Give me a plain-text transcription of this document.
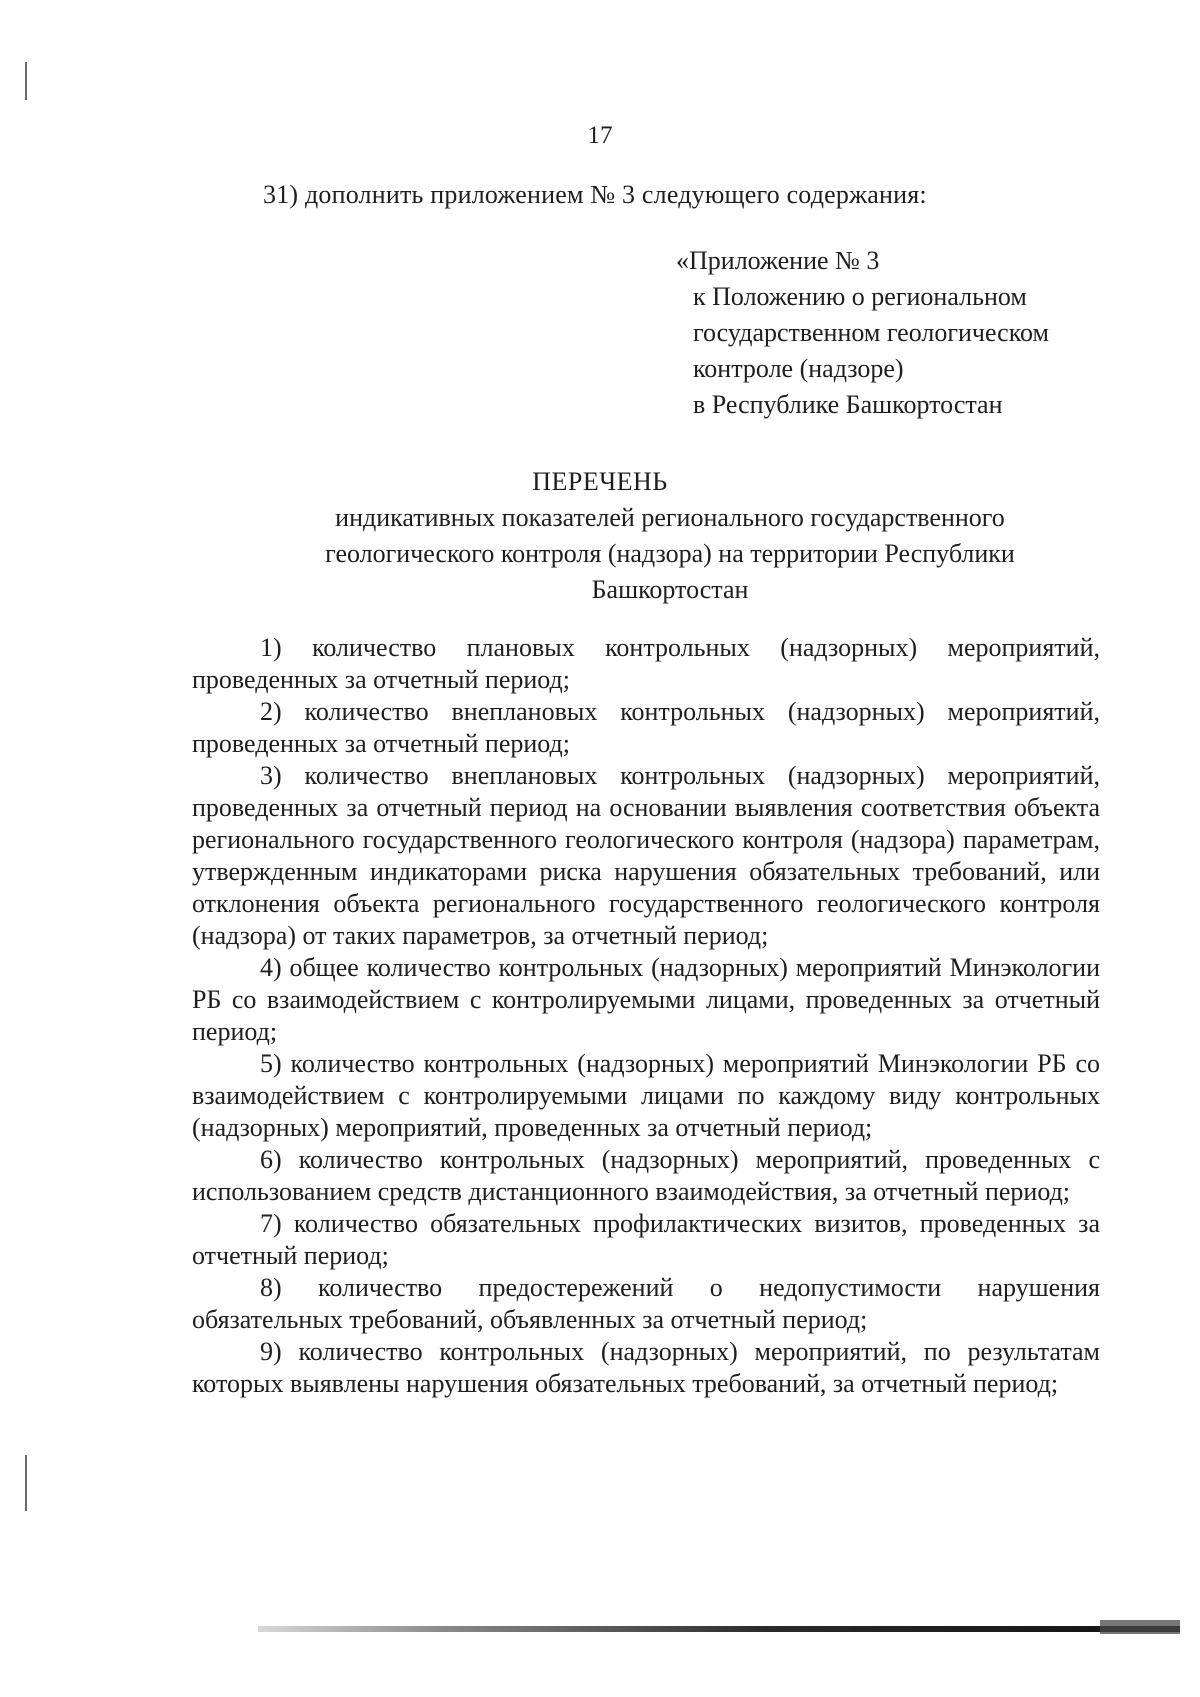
17
31) дополнить приложением № 3 следующего содержания:
«Приложение № 3
к Положению о региональном
государственном геологическом
контроле (надзоре)
в Республике Башкортостан
ПЕРЕЧЕНЬ
индикативных показателей регионального государственного геологического контроля (надзора) на территории Республики Башкортостан

1) количество плановых контрольных (надзорных) мероприятий, проведенных за отчетный период;

2) количество внеплановых контрольных (надзорных) мероприятий, проведенных за отчетный период;

3) количество внеплановых контрольных (надзорных) мероприятий, проведенных за отчетный период на основании выявления соответствия объекта регионального государственного геологического контроля (надзора) параметрам, утвержденным индикаторами риска нарушения обязательных требований, или отклонения объекта регионального государственного геологического контроля (надзора) от таких параметров, за отчетный период;

4) общее количество контрольных (надзорных) мероприятий Минэкологии РБ со взаимодействием с контролируемыми лицами, проведенных за отчетный период;

5) количество контрольных (надзорных) мероприятий Минэкологии РБ со взаимодействием с контролируемыми лицами по каждому виду контрольных (надзорных) мероприятий, проведенных за отчетный период;

6) количество контрольных (надзорных) мероприятий, проведенных с использованием средств дистанционного взаимодействия, за отчетный период;

7) количество обязательных профилактических визитов, проведенных за отчетный период;

8) количество предостережений о недопустимости нарушения обязательных требований, объявленных за отчетный период;

9) количество контрольных (надзорных) мероприятий, по результатам которых выявлены нарушения обязательных требований, за отчетный период;
